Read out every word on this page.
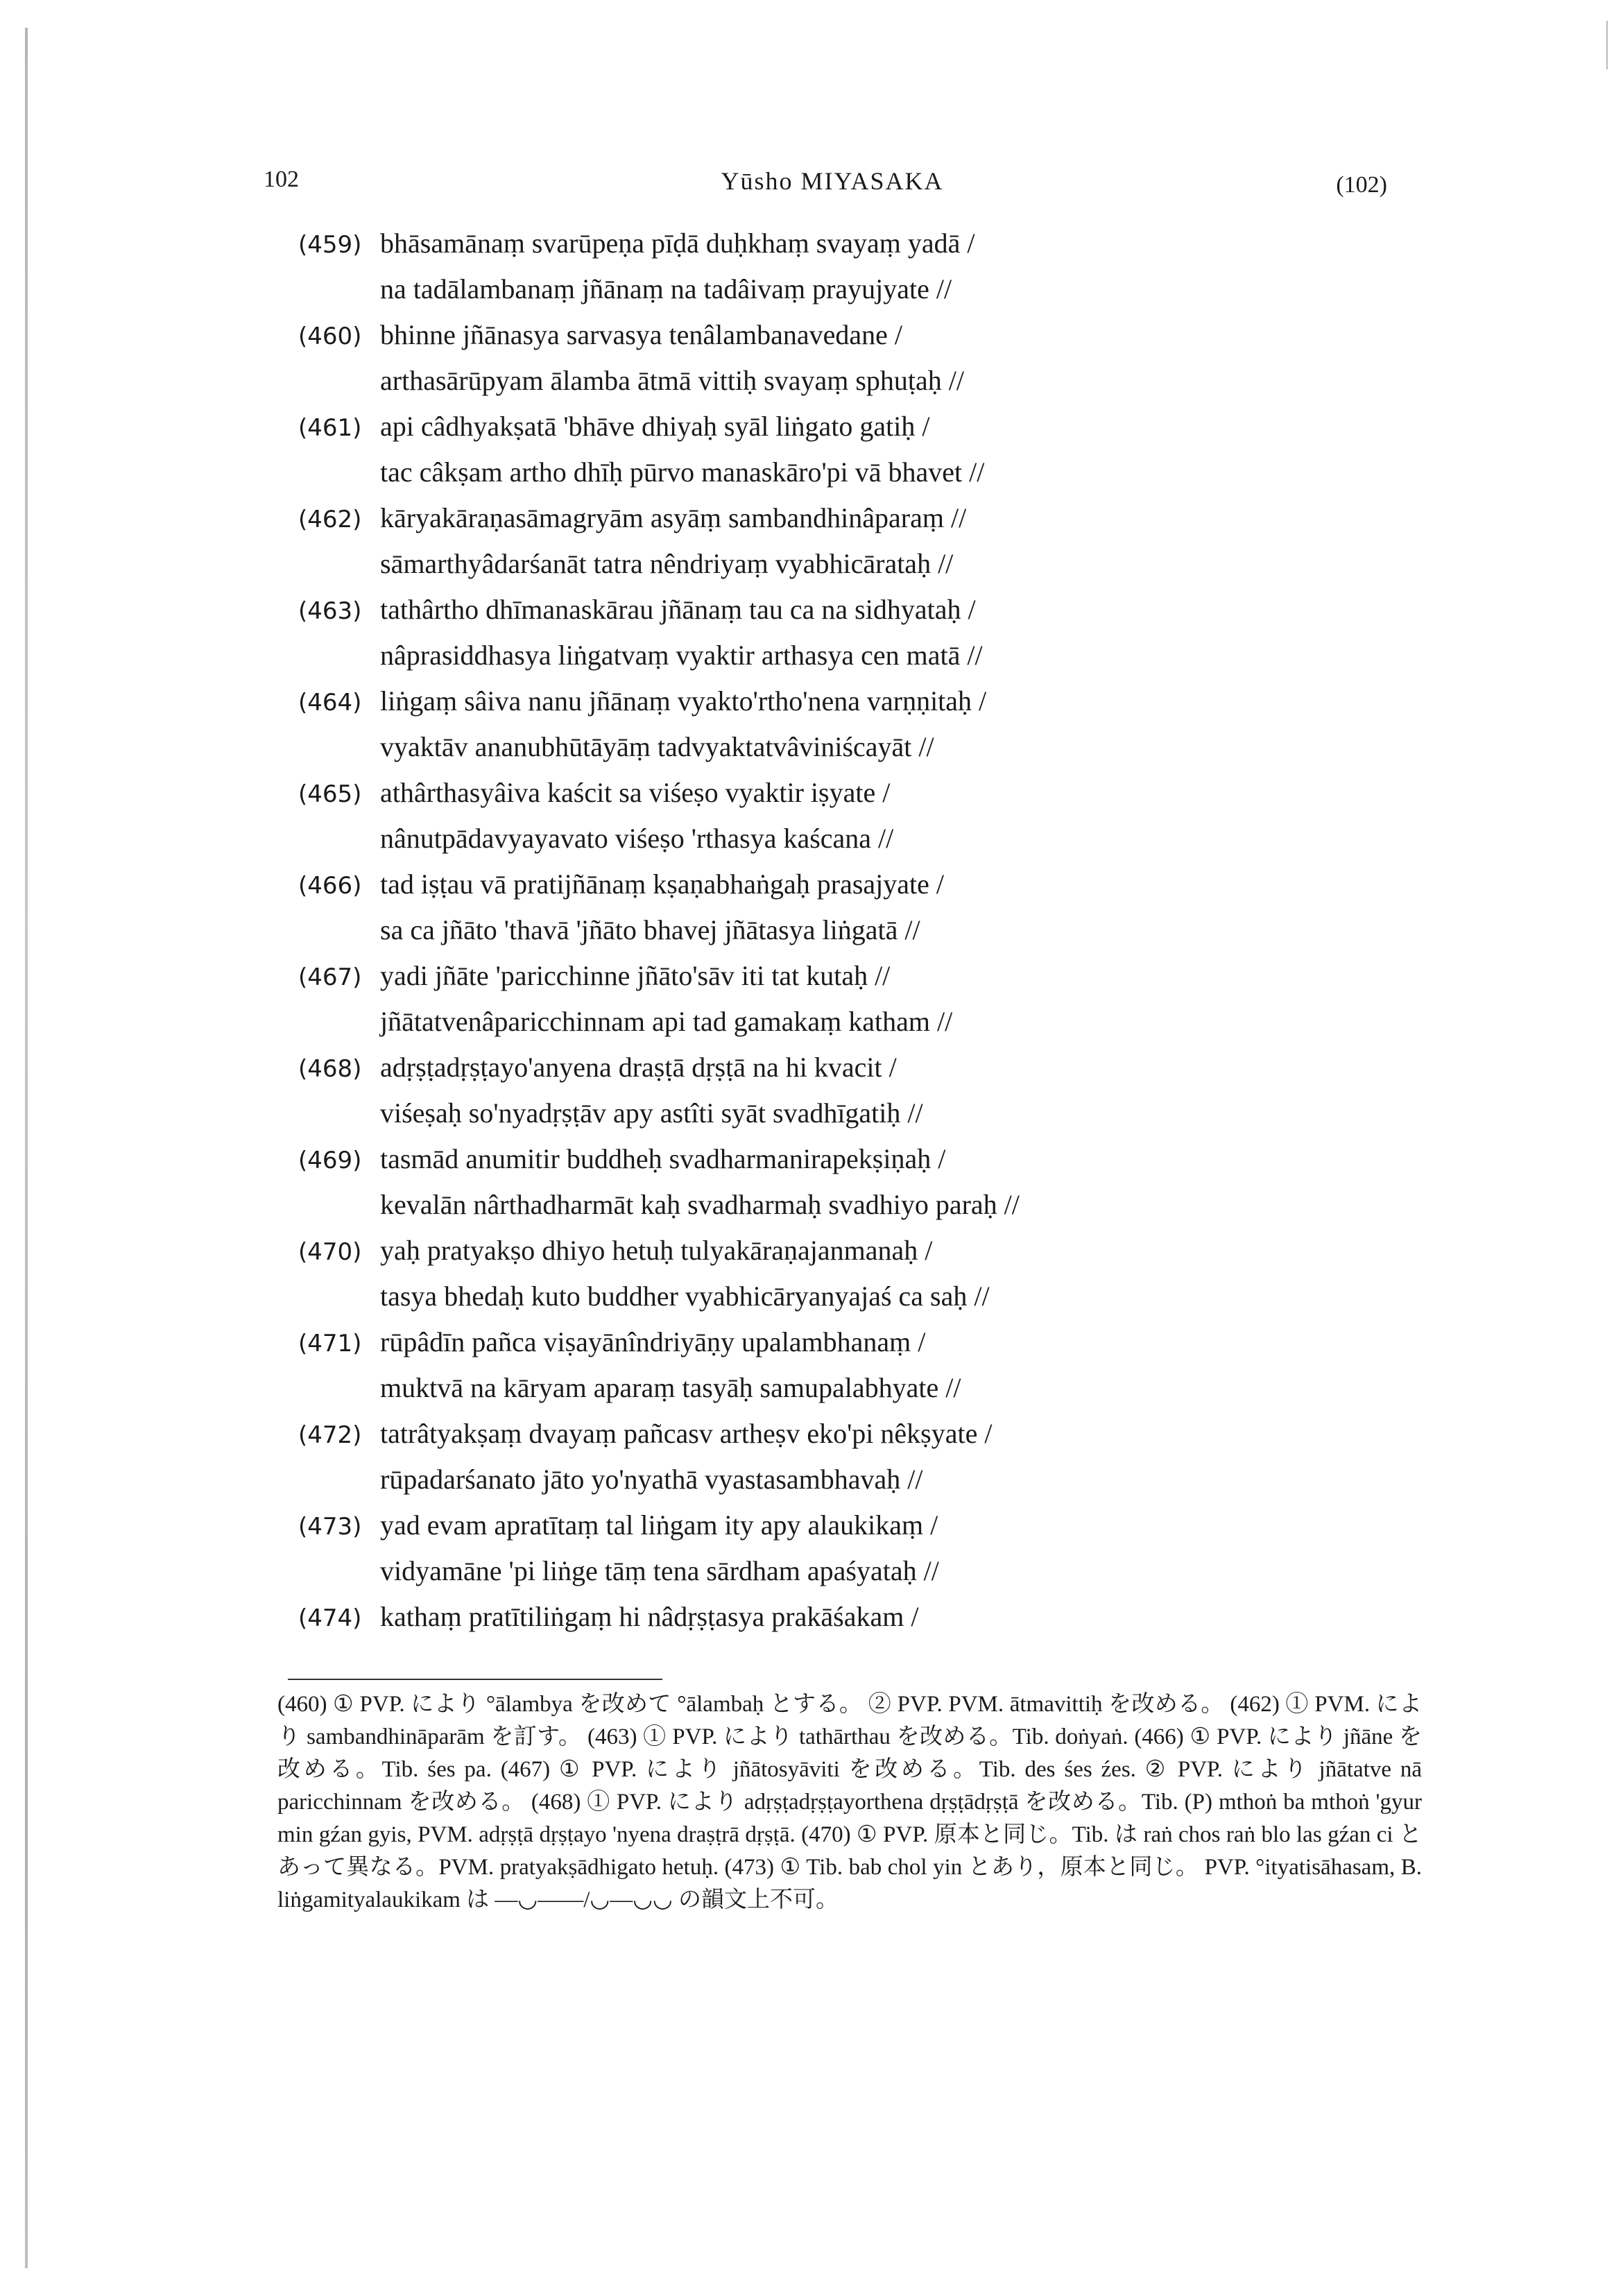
102	Yūsho MIYASAKA	(102)
(459) bhāsamānaṃ svarūpeṇa pīḍā duḥkhaṃ svayaṃ yadā /
na tadālambanaṃ jñānaṃ na tadâivaṃ prayujyate //
(460) bhinne jñānasya sarvasya tenâlambanavedane /
arthasārūpyam ālamba ātmā vittiḥ svayaṃ sphuṭaḥ //
(461) api câdhyakṣatā 'bhāve dhiyaḥ syāl liṅgato gatiḥ /
tac câkṣam artho dhīḥ pūrvo manaskāro'pi vā bhavet //
(462) kāryakāraṇasāmagryām asyāṃ sambandhinâparaṃ //
sāmarthyâdarśanāt tatra nêndriyaṃ vyabhicārataḥ //
(463) tathârtho dhīmanaskārau jñānaṃ tau ca na sidhyataḥ /
nâprasiddhasya liṅgatvaṃ vyaktir arthasya cen matā //
(464) liṅgaṃ sâiva nanu jñānaṃ vyakto'rtho'nena varṇṇitaḥ /
vyaktāv ananubhūtāyāṃ tadvyaktatvâviniścayāt //
(465) athârthasyâiva kaścit sa viśeṣo vyaktir iṣyate /
nânutpādavyayavato viśeṣo 'rthasya kaścana //
(466) tad iṣṭau vā pratijñānaṃ kṣaṇabhaṅgaḥ prasajyate /
sa ca jñāto 'thavā 'jñāto bhavej jñātasya liṅgatā //
(467) yadi jñāte 'paricchinne jñāto'sāv iti tat kutaḥ //
jñātatvenâparicchinnam api tad gamakaṃ katham //
(468) adṛṣṭadṛṣṭayo'anyena draṣṭā dṛṣṭā na hi kvacit /
viśeṣaḥ so'nyadṛṣṭāv apy astîti syāt svadhīgatiḥ //
(469) tasmād anumitir buddheḥ svadharmanirapekṣiṇaḥ /
kevalān nârthadharmāt kaḥ svadharmaḥ svadhiyo paraḥ //
(470) yaḥ pratyakṣo dhiyo hetuḥ tulyakāraṇajanmanaḥ /
tasya bhedaḥ kuto buddher vyabhicāryanyajaś ca saḥ //
(471) rūpâdīn pañca viṣayānîndriyāṇy upalambhanaṃ /
muktvā na kāryam aparaṃ tasyāḥ samupalabhyate //
(472) tatrâtyakṣaṃ dvayaṃ pañcasv artheṣv eko'pi nêkṣyate /
rūpadarśanato jāto yo'nyathā vyastasambhavaḥ //
(473) yad evam apratītaṃ tal liṅgam ity apy alaukikaṃ /
vidyamāne 'pi liṅge tāṃ tena sārdham apaśyataḥ //
(474) kathaṃ pratītiliṅgaṃ hi nâdṛṣṭasya prakāśakam /

(460) ① PVP. により °ālambya を改めて °ālambaḥ とする。 ② PVP. PVM. ātmavittiḥ を改める。 (462) ① PVM. により sambandhināparām を訂す。 (463) ① PVP. により tathārthau を改める。Tib. doṅyaṅ. (466) ① PVP. により jñāne を改める。Tib. śes pa. (467) ① PVP. により jñātosyāviti を改める。Tib. des śes źes. ② PVP. により jñātatve nā paricchinnam を改める。 (468) ① PVP. により adṛṣṭadṛṣṭayorthena dṛṣṭādṛṣṭā を改める。Tib. (P) mthoṅ ba mthoṅ 'gyur min gźan gyis, PVM. adṛṣṭā dṛṣṭayo 'nyena draṣṭrā dṛṣṭā. (470) ① PVP. 原本と同じ。Tib. は raṅ chos raṅ blo las gźan ci とあって異なる。PVM. pratyakṣādhigato hetuḥ. (473) ① Tib. bab chol yin とあり，原本と同じ。 PVP. °ityatisāhasam, B. liṅgamityalaukikam は ―◡――/◡―◡◡ の韻文上不可。
